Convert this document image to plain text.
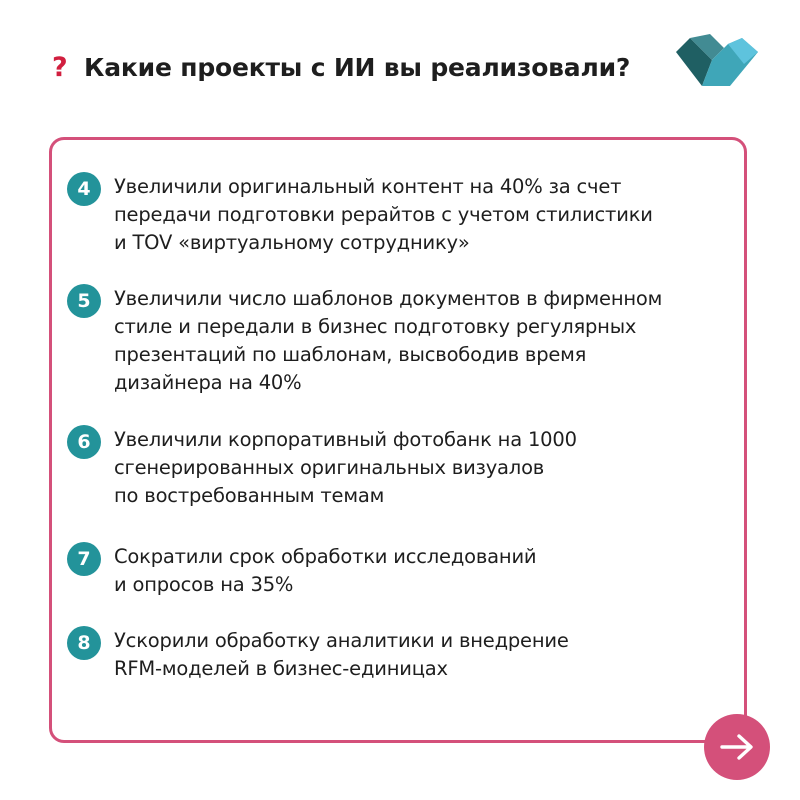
? Какие проекты с ИИ вы реализовали?
4	Увеличили оригинальный контент на 40% за счет
передачи подготовки рерайтов с учетом стилистики
и TOV «виртуальному сотруднику»
5	Увеличили число шаблонов документов в фирменном
стиле и передали в бизнес подготовку регулярных
презентаций по шаблонам, высвободив время
дизайнера на 40%
6	Увеличили корпоративный фотобанк на 1000
сгенерированных оригинальных визуалов
по востребованным темам
7	Сократили срок обработки исследований
и опросов на 35%
8	Ускорили обработку аналитики и внедрение
RFM-моделей в бизнес-единицах
